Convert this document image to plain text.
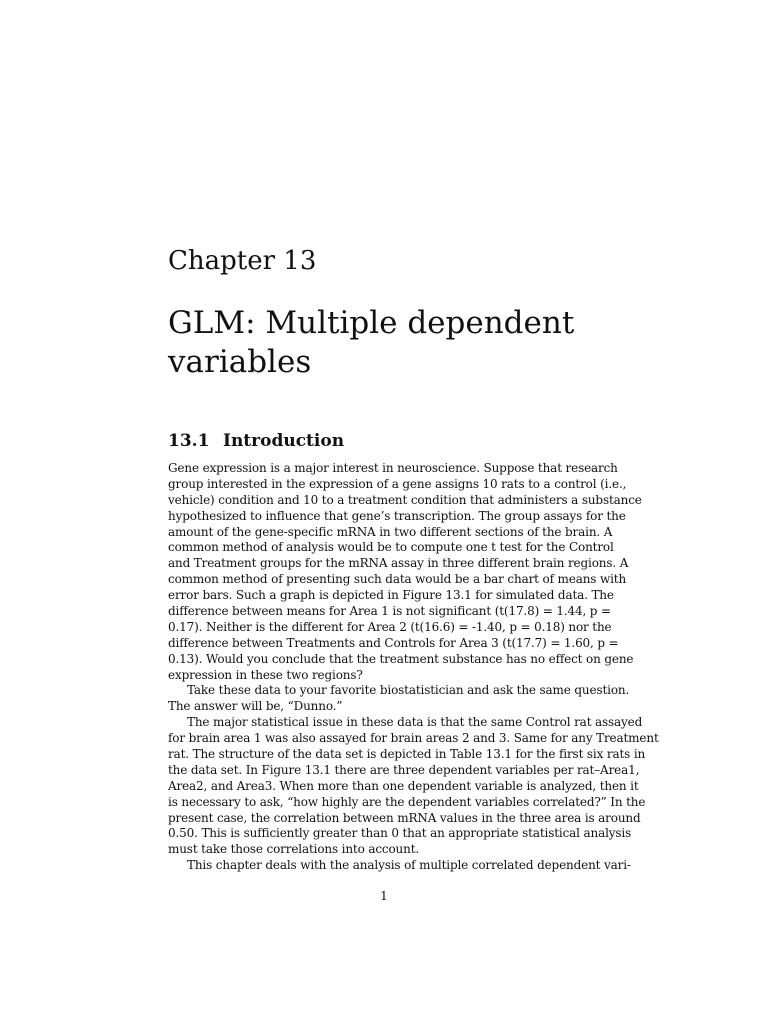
Chapter 13
GLM: Multiple dependent variables
13.1 Introduction
Gene expression is a major interest in neuroscience. Suppose that research
group interested in the expression of a gene assigns 10 rats to a control (i.e.,
vehicle) condition and 10 to a treatment condition that administers a substance
hypothesized to influence that gene’s transcription. The group assays for the
amount of the gene-specific mRNA in two different sections of the brain. A
common method of analysis would be to compute one t test for the Control
and Treatment groups for the mRNA assay in three different brain regions. A
common method of presenting such data would be a bar chart of means with
error bars. Such a graph is depicted in Figure 13.1 for simulated data. The
difference between means for Area 1 is not significant (t(17.8) = 1.44, p =
0.17). Neither is the different for Area 2 (t(16.6) = -1.40, p = 0.18) nor the
difference between Treatments and Controls for Area 3 (t(17.7) = 1.60, p =
0.13). Would you conclude that the treatment substance has no effect on gene
expression in these two regions?
Take these data to your favorite biostatistician and ask the same question.
The answer will be, “Dunno.”
The major statistical issue in these data is that the same Control rat assayed
for brain area 1 was also assayed for brain areas 2 and 3. Same for any Treatment
rat. The structure of the data set is depicted in Table 13.1 for the first six rats in
the data set. In Figure 13.1 there are three dependent variables per rat–Area1,
Area2, and Area3. When more than one dependent variable is analyzed, then it
is necessary to ask, “how highly are the dependent variables correlated?” In the
present case, the correlation between mRNA values in the three area is around
0.50. This is sufficiently greater than 0 that an appropriate statistical analysis
must take those correlations into account.
This chapter deals with the analysis of multiple correlated dependent vari-
1
